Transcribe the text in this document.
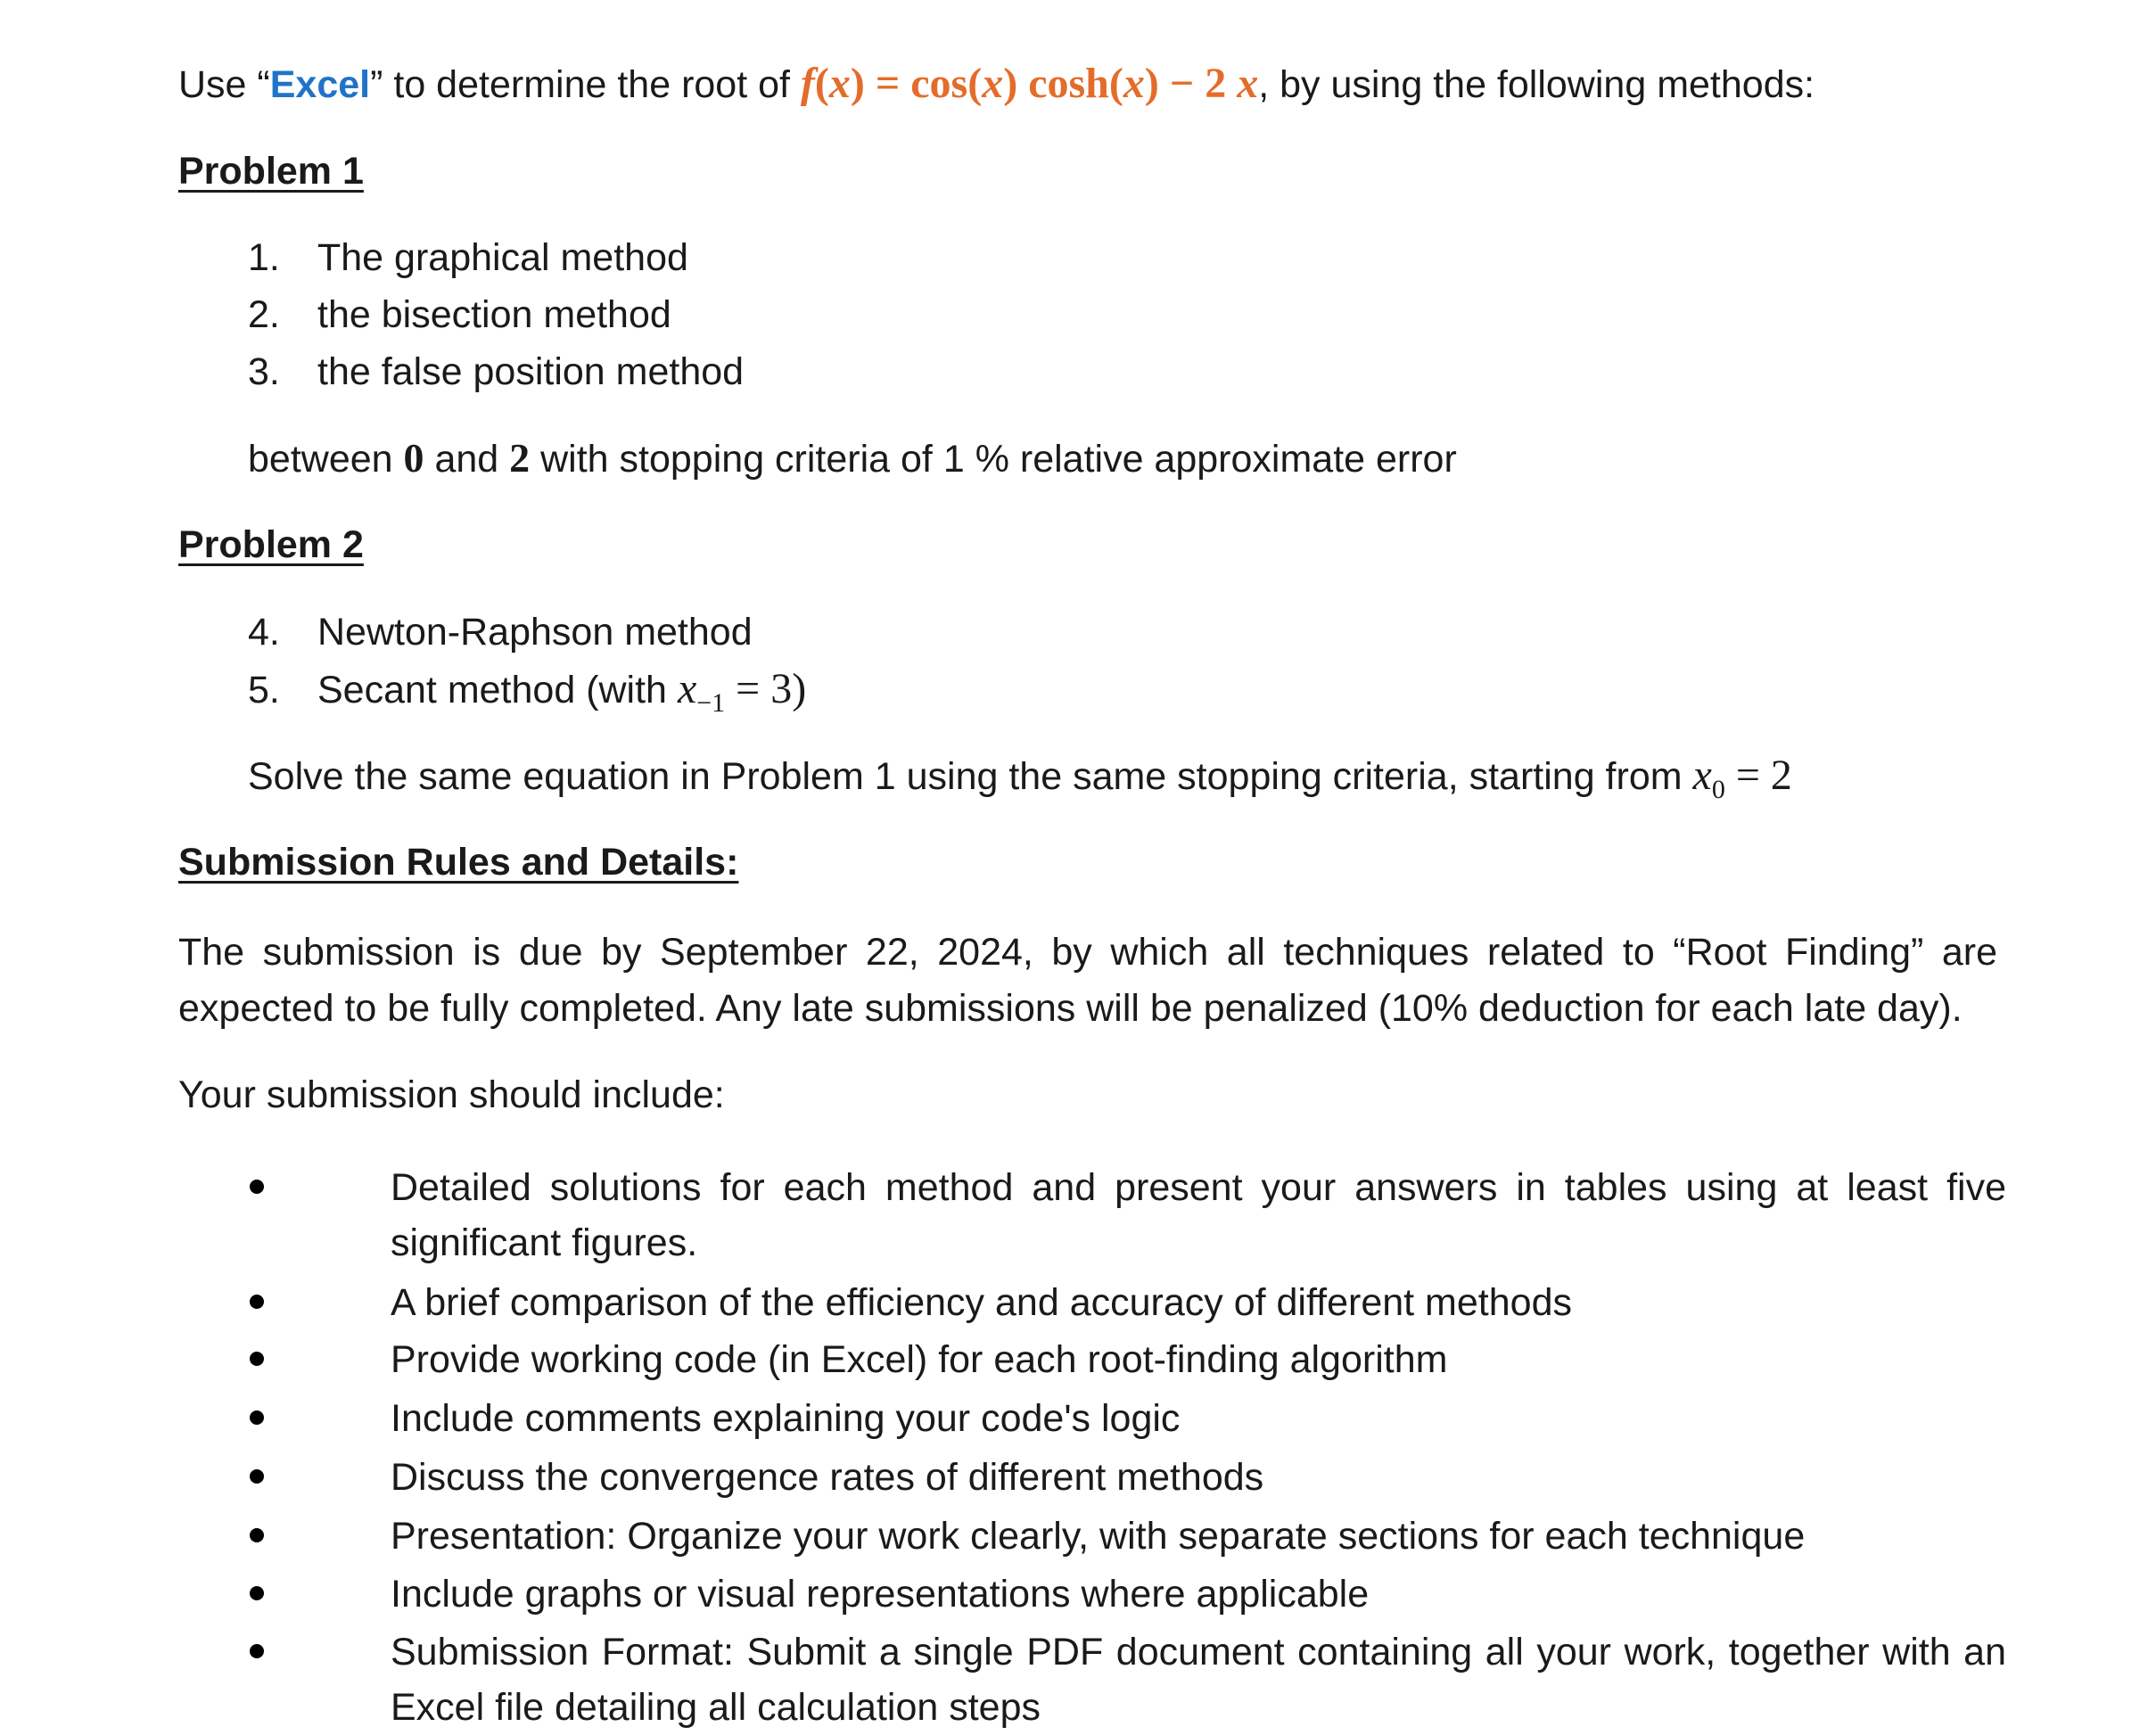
Use “Excel” to determine the root of f(x) = cos(x) cosh(x) − 2 x, by using the following methods:
Problem 1
1. The graphical method
2. the bisection method
3. the false position method
between 0 and 2 with stopping criteria of 1 % relative approximate error
Problem 2
4. Newton-Raphson method
5. Secant method (with $x_{-1} = 3$)
Solve the same equation in Problem 1 using the same stopping criteria, starting from $x_0 = 2$
Submission Rules and Details:
The submission is due by September 22, 2024, by which all techniques related to “Root Finding” are expected to be fully completed. Any late submissions will be penalized (10% deduction for each late day).
Your submission should include:
Detailed solutions for each method and present your answers in tables using at least five significant figures.
A brief comparison of the efficiency and accuracy of different methods
Provide working code (in Excel) for each root-finding algorithm
Include comments explaining your code's logic
Discuss the convergence rates of different methods
Presentation: Organize your work clearly, with separate sections for each technique
Include graphs or visual representations where applicable
Submission Format: Submit a single PDF document containing all your work, together with an Excel file detailing all calculation steps
